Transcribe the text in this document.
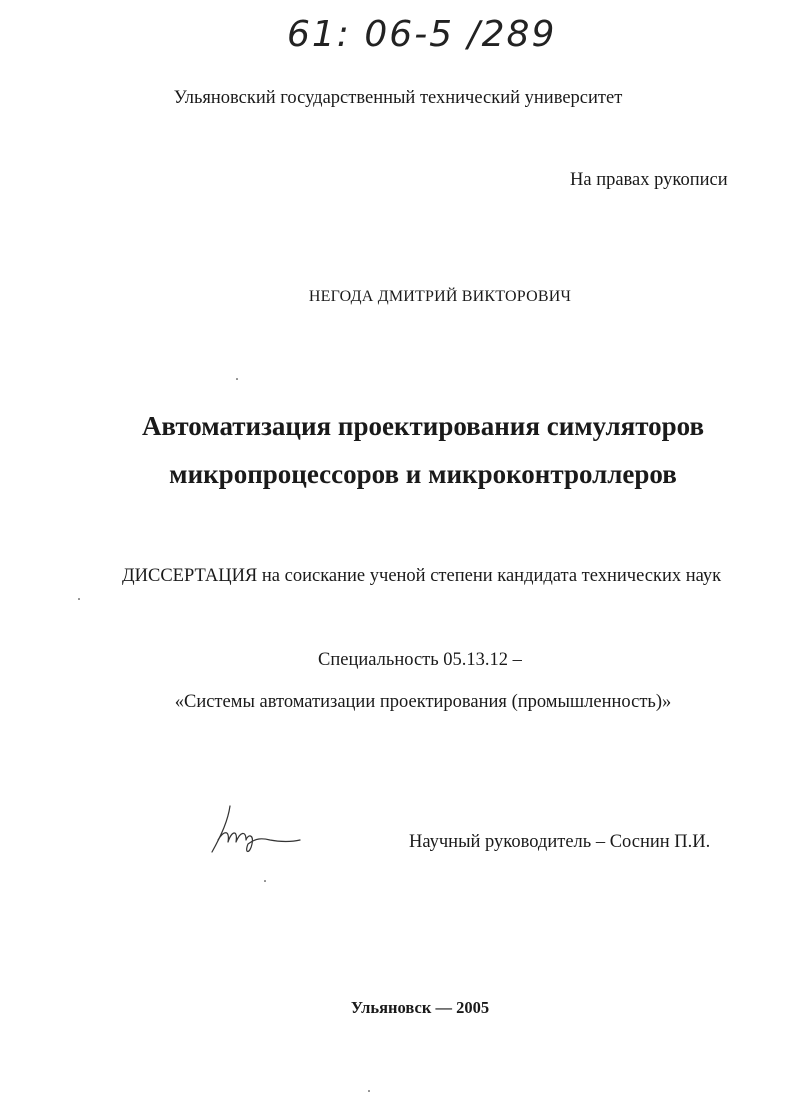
61: 06-5 /289
Ульяновский государственный технический университет
На правах рукописи
НЕГОДА ДМИТРИЙ ВИКТОРОВИЧ
Автоматизация проектирования симуляторов
микропроцессоров и микроконтроллеров
ДИССЕРТАЦИЯ на соискание ученой степени кандидата технических наук
Специальность 05.13.12 –
«Системы автоматизации проектирования (промышленность)»
Научный руководитель – Соснин П.И.
Ульяновск — 2005
